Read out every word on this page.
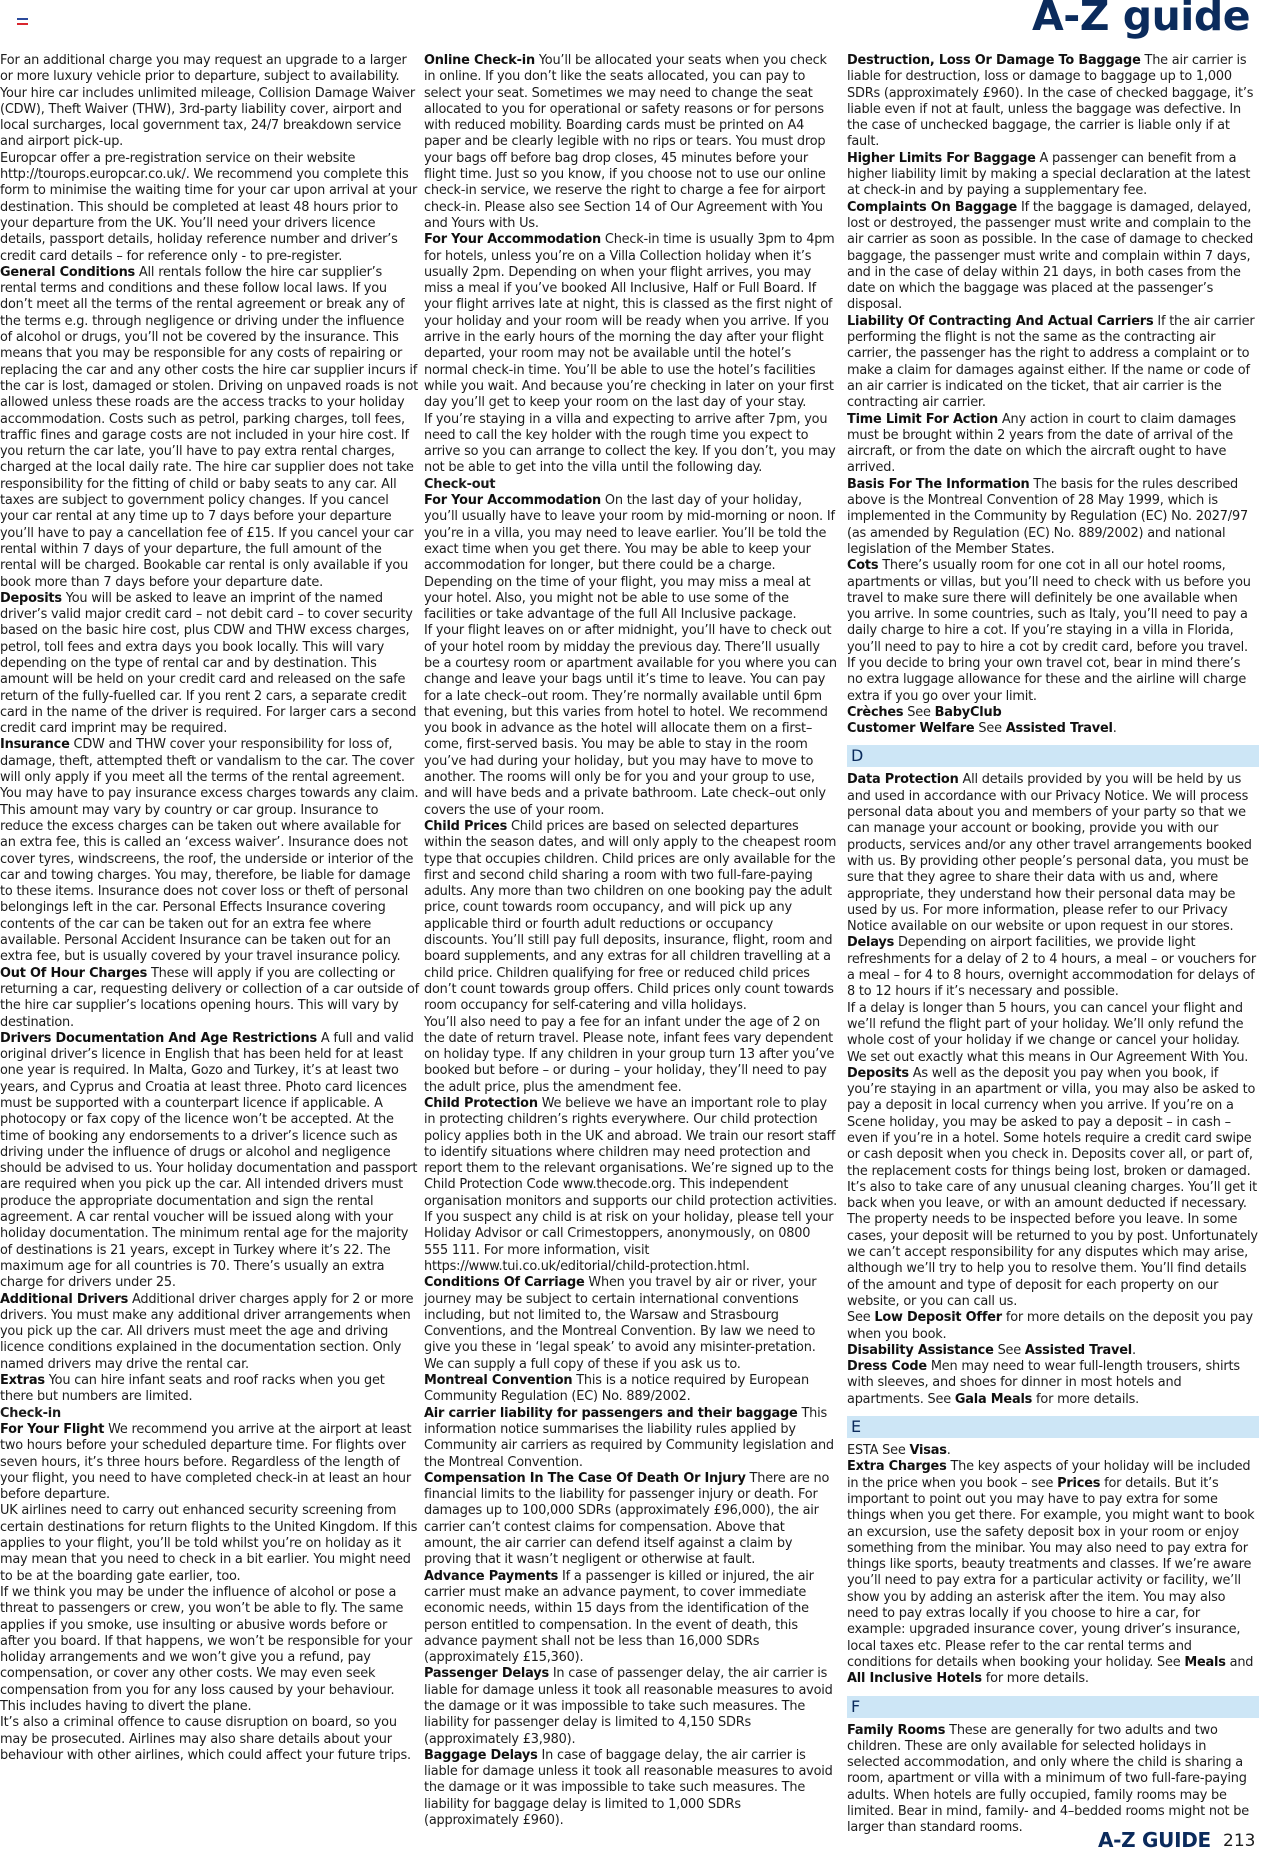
A-Z guide

For an additional charge you may request an upgrade to a larger or more luxury vehicle prior to departure, subject to availability. Your hire car includes unlimited mileage, Collision Damage Waiver (CDW), Theft Waiver (THW), 3rd-party liability cover, airport and local surcharges, local government tax, 24/7 breakdown service and airport pick-up.

Europcar offer a pre-registration service on their website http://tourops.europcar.co.uk/. We recommend you complete this form to minimise the waiting time for your car upon arrival at your destination. This should be completed at least 48 hours prior to your departure from the UK. You’ll need your drivers licence details, passport details, holiday reference number and driver’s credit card details – for reference only - to pre-register.

General Conditions All rentals follow the hire car supplier’s rental terms and conditions and these follow local laws. If you don’t meet all the terms of the rental agreement or break any of the terms e.g. through negligence or driving under the influence of alcohol or drugs, you’ll not be covered by the insurance. This means that you may be responsible for any costs of repairing or replacing the car and any other costs the hire car supplier incurs if the car is lost, damaged or stolen. Driving on unpaved roads is not allowed unless these roads are the access tracks to your holiday accommodation. Costs such as petrol, parking charges, toll fees, traffic fines and garage costs are not included in your hire cost. If you return the car late, you’ll have to pay extra rental charges, charged at the local daily rate. The hire car supplier does not take responsibility for the fitting of child or baby seats to any car. All taxes are subject to government policy changes. If you cancel your car rental at any time up to 7 days before your departure you’ll have to pay a cancellation fee of £15. If you cancel your car rental within 7 days of your departure, the full amount of the rental will be charged. Bookable car rental is only available if you book more than 7 days before your departure date.

Deposits You will be asked to leave an imprint of the named driver’s valid major credit card – not debit card – to cover security based on the basic hire cost, plus CDW and THW excess charges, petrol, toll fees and extra days you book locally. This will vary depending on the type of rental car and by destination. This amount will be held on your credit card and released on the safe return of the fully-fuelled car. If you rent 2 cars, a separate credit card in the name of the driver is required. For larger cars a second credit card imprint may be required.

Insurance CDW and THW cover your responsibility for loss of, damage, theft, attempted theft or vandalism to the car. The cover will only apply if you meet all the terms of the rental agreement. You may have to pay insurance excess charges towards any claim. This amount may vary by country or car group. Insurance to reduce the excess charges can be taken out where available for an extra fee, this is called an ‘excess waiver’. Insurance does not cover tyres, windscreens, the roof, the underside or interior of the car and towing charges. You may, therefore, be liable for damage to these items. Insurance does not cover loss or theft of personal belongings left in the car. Personal Effects Insurance covering contents of the car can be taken out for an extra fee where available. Personal Accident Insurance can be taken out for an extra fee, but is usually covered by your travel insurance policy.

Out Of Hour Charges These will apply if you are collecting or returning a car, requesting delivery or collection of a car outside of the hire car supplier’s locations opening hours. This will vary by destination.

Drivers Documentation And Age Restrictions A full and valid original driver’s licence in English that has been held for at least one year is required. In Malta, Gozo and Turkey, it’s at least two years, and Cyprus and Croatia at least three. Photo card licences must be supported with a counterpart licence if applicable. A photocopy or fax copy of the licence won’t be accepted. At the time of booking any endorsements to a driver’s licence such as driving under the influence of drugs or alcohol and negligence should be advised to us. Your holiday documentation and passport are required when you pick up the car. All intended drivers must produce the appropriate documentation and sign the rental agreement. A car rental voucher will be issued along with your holiday documentation. The minimum rental age for the majority of destinations is 21 years, except in Turkey where it’s 22. The maximum age for all countries is 70. There’s usually an extra charge for drivers under 25.

Additional Drivers Additional driver charges apply for 2 or more drivers. You must make any additional driver arrangements when you pick up the car. All drivers must meet the age and driving licence conditions explained in the documentation section. Only named drivers may drive the rental car.

Extras You can hire infant seats and roof racks when you get there but numbers are limited.

Check-in

For Your Flight We recommend you arrive at the airport at least two hours before your scheduled departure time. For flights over seven hours, it’s three hours before. Regardless of the length of your flight, you need to have completed check-in at least an hour before departure.

UK airlines need to carry out enhanced security screening from certain destinations for return flights to the United Kingdom. If this applies to your flight, you’ll be told whilst you’re on holiday as it may mean that you need to check in a bit earlier. You might need to be at the boarding gate earlier, too.

If we think you may be under the influence of alcohol or pose a threat to passengers or crew, you won’t be able to fly. The same applies if you smoke, use insulting or abusive words before or after you board. If that happens, we won’t be responsible for your holiday arrangements and we won’t give you a refund, pay compensation, or cover any other costs. We may even seek compensation from you for any loss caused by your behaviour. This includes having to divert the plane.

It’s also a criminal offence to cause disruption on board, so you may be prosecuted. Airlines may also share details about your behaviour with other airlines, which could affect your future trips.

Online Check-in You’ll be allocated your seats when you check in online. If you don’t like the seats allocated, you can pay to select your seat. Sometimes we may need to change the seat allocated to you for operational or safety reasons or for persons with reduced mobility. Boarding cards must be printed on A4 paper and be clearly legible with no rips or tears. You must drop your bags off before bag drop closes, 45 minutes before your flight time. Just so you know, if you choose not to use our online check-in service, we reserve the right to charge a fee for airport check-in. Please also see Section 14 of Our Agreement with You and Yours with Us.

For Your Accommodation Check-in time is usually 3pm to 4pm for hotels, unless you’re on a Villa Collection holiday when it’s usually 2pm. Depending on when your flight arrives, you may miss a meal if you’ve booked All Inclusive, Half or Full Board. If your flight arrives late at night, this is classed as the first night of your holiday and your room will be ready when you arrive. If you arrive in the early hours of the morning the day after your flight departed, your room may not be available until the hotel’s normal check-in time. You’ll be able to use the hotel’s facilities while you wait. And because you’re checking in later on your first day you’ll get to keep your room on the last day of your stay.

If you’re staying in a villa and expecting to arrive after 7pm, you need to call the key holder with the rough time you expect to arrive so you can arrange to collect the key. If you don’t, you may not be able to get into the villa until the following day.

Check-out

For Your Accommodation On the last day of your holiday, you’ll usually have to leave your room by mid-morning or noon. If you’re in a villa, you may need to leave earlier. You’ll be told the exact time when you get there. You may be able to keep your accommodation for longer, but there could be a charge.

Depending on the time of your flight, you may miss a meal at your hotel. Also, you might not be able to use some of the facilities or take advantage of the full All Inclusive package.

If your flight leaves on or after midnight, you’ll have to check out of your hotel room by midday the previous day. There’ll usually be a courtesy room or apartment available for you where you can change and leave your bags until it’s time to leave. You can pay for a late check–out room. They’re normally available until 6pm that evening, but this varies from hotel to hotel. We recommend you book in advance as the hotel will allocate them on a first–come, first-served basis. You may be able to stay in the room you’ve had during your holiday, but you may have to move to another. The rooms will only be for you and your group to use, and will have beds and a private bathroom. Late check–out only covers the use of your room.

Child Prices Child prices are based on selected departures within the season dates, and will only apply to the cheapest room type that occupies children. Child prices are only available for the first and second child sharing a room with two full-fare-paying adults. Any more than two children on one booking pay the adult price, count towards room occupancy, and will pick up any applicable third or fourth adult reductions or occupancy discounts. You’ll still pay full deposits, insurance, flight, room and board supplements, and any extras for all children travelling at a child price. Children qualifying for free or reduced child prices don’t count towards group offers. Child prices only count towards room occupancy for self-catering and villa holidays.

You’ll also need to pay a fee for an infant under the age of 2 on the date of return travel. Please note, infant fees vary dependent on holiday type. If any children in your group turn 13 after you’ve booked but before – or during – your holiday, they’ll need to pay the adult price, plus the amendment fee.

Child Protection We believe we have an important role to play in protecting children’s rights everywhere. Our child protection policy applies both in the UK and abroad. We train our resort staff to identify situations where children may need protection and report them to the relevant organisations. We’re signed up to the Child Protection Code www.thecode.org. This independent organisation monitors and supports our child protection activities. If you suspect any child is at risk on your holiday, please tell your Holiday Advisor or call Crimestoppers, anonymously, on 0800 555 111. For more information, visit https://www.tui.co.uk/editorial/child-protection.html.

Conditions Of Carriage When you travel by air or river, your journey may be subject to certain international conventions including, but not limited to, the Warsaw and Strasbourg Conventions, and the Montreal Convention. By law we need to give you these in ‘legal speak’ to avoid any misinter-pretation. We can supply a full copy of these if you ask us to.

Montreal Convention This is a notice required by European Community Regulation (EC) No. 889/2002.

Air carrier liability for passengers and their baggage This information notice summarises the liability rules applied by Community air carriers as required by Community legislation and the Montreal Convention.

Compensation In The Case Of Death Or Injury There are no financial limits to the liability for passenger injury or death. For damages up to 100,000 SDRs (approximately £96,000), the air carrier can’t contest claims for compensation. Above that amount, the air carrier can defend itself against a claim by proving that it wasn’t negligent or otherwise at fault.

Advance Payments If a passenger is killed or injured, the air carrier must make an advance payment, to cover immediate economic needs, within 15 days from the identification of the person entitled to compensation. In the event of death, this advance payment shall not be less than 16,000 SDRs (approximately £15,360).

Passenger Delays In case of passenger delay, the air carrier is liable for damage unless it took all reasonable measures to avoid the damage or it was impossible to take such measures. The liability for passenger delay is limited to 4,150 SDRs (approximately £3,980).

Baggage Delays In case of baggage delay, the air carrier is liable for damage unless it took all reasonable measures to avoid the damage or it was impossible to take such measures. The liability for baggage delay is limited to 1,000 SDRs (approximately £960).

Destruction, Loss Or Damage To Baggage The air carrier is liable for destruction, loss or damage to baggage up to 1,000 SDRs (approximately £960). In the case of checked baggage, it’s liable even if not at fault, unless the baggage was defective. In the case of unchecked baggage, the carrier is liable only if at fault.

Higher Limits For Baggage A passenger can benefit from a higher liability limit by making a special declaration at the latest at check-in and by paying a supplementary fee.

Complaints On Baggage If the baggage is damaged, delayed, lost or destroyed, the passenger must write and complain to the air carrier as soon as possible. In the case of damage to checked baggage, the passenger must write and complain within 7 days, and in the case of delay within 21 days, in both cases from the date on which the baggage was placed at the passenger’s disposal.

Liability Of Contracting And Actual Carriers If the air carrier performing the flight is not the same as the contracting air carrier, the passenger has the right to address a complaint or to make a claim for damages against either. If the name or code of an air carrier is indicated on the ticket, that air carrier is the contracting air carrier.

Time Limit For Action Any action in court to claim damages must be brought within 2 years from the date of arrival of the aircraft, or from the date on which the aircraft ought to have arrived.

Basis For The Information The basis for the rules described above is the Montreal Convention of 28 May 1999, which is implemented in the Community by Regulation (EC) No. 2027/97 (as amended by Regulation (EC) No. 889/2002) and national legislation of the Member States.

Cots There’s usually room for one cot in all our hotel rooms, apartments or villas, but you’ll need to check with us before you travel to make sure there will definitely be one available when you arrive. In some countries, such as Italy, you’ll need to pay a daily charge to hire a cot. If you’re staying in a villa in Florida, you’ll need to pay to hire a cot by credit card, before you travel. If you decide to bring your own travel cot, bear in mind there’s no extra luggage allowance for these and the airline will charge extra if you go over your limit.

Crèches See BabyClub

Customer Welfare See Assisted Travel.

D

Data Protection All details provided by you will be held by us and used in accordance with our Privacy Notice. We will process personal data about you and members of your party so that we can manage your account or booking, provide you with our products, services and/or any other travel arrangements booked with us. By providing other people’s personal data, you must be sure that they agree to share their data with us and, where appropriate, they understand how their personal data may be used by us. For more information, please refer to our Privacy Notice available on our website or upon request in our stores.

Delays Depending on airport facilities, we provide light refreshments for a delay of 2 to 4 hours, a meal – or vouchers for a meal – for 4 to 8 hours, overnight accommodation for delays of 8 to 12 hours if it’s necessary and possible.

If a delay is longer than 5 hours, you can cancel your flight and we’ll refund the flight part of your holiday. We’ll only refund the whole cost of your holiday if we change or cancel your holiday. We set out exactly what this means in Our Agreement With You.

Deposits As well as the deposit you pay when you book, if you’re staying in an apartment or villa, you may also be asked to pay a deposit in local currency when you arrive. If you’re on a Scene holiday, you may be asked to pay a deposit – in cash – even if you’re in a hotel. Some hotels require a credit card swipe or cash deposit when you check in. Deposits cover all, or part of, the replacement costs for things being lost, broken or damaged. It’s also to take care of any unusual cleaning charges. You’ll get it back when you leave, or with an amount deducted if necessary. The property needs to be inspected before you leave. In some cases, your deposit will be returned to you by post. Unfortunately we can’t accept responsibility for any disputes which may arise, although we’ll try to help you to resolve them. You’ll find details of the amount and type of deposit for each property on our website, or you can call us.

See Low Deposit Offer for more details on the deposit you pay when you book.

Disability Assistance See Assisted Travel.

Dress Code Men may need to wear full-length trousers, shirts with sleeves, and shoes for dinner in most hotels and apartments. See Gala Meals for more details.

E

ESTA See Visas.

Extra Charges The key aspects of your holiday will be included in the price when you book – see Prices for details. But it’s important to point out you may have to pay extra for some things when you get there. For example, you might want to book an excursion, use the safety deposit box in your room or enjoy something from the minibar. You may also need to pay extra for things like sports, beauty treatments and classes. If we’re aware you’ll need to pay extra for a particular activity or facility, we’ll show you by adding an asterisk after the item. You may also need to pay extras locally if you choose to hire a car, for example: upgraded insurance cover, young driver’s insurance, local taxes etc. Please refer to the car rental terms and conditions for details when booking your holiday. See Meals and All Inclusive Hotels for more details.

F

Family Rooms These are generally for two adults and two children. These are only available for selected holidays in selected accommodation, and only where the child is sharing a room, apartment or villa with a minimum of two full-fare-paying adults. When hotels are fully occupied, family rooms may be limited. Bear in mind, family- and 4–bedded rooms might not be larger than standard rooms.

A-Z GUIDE 213
